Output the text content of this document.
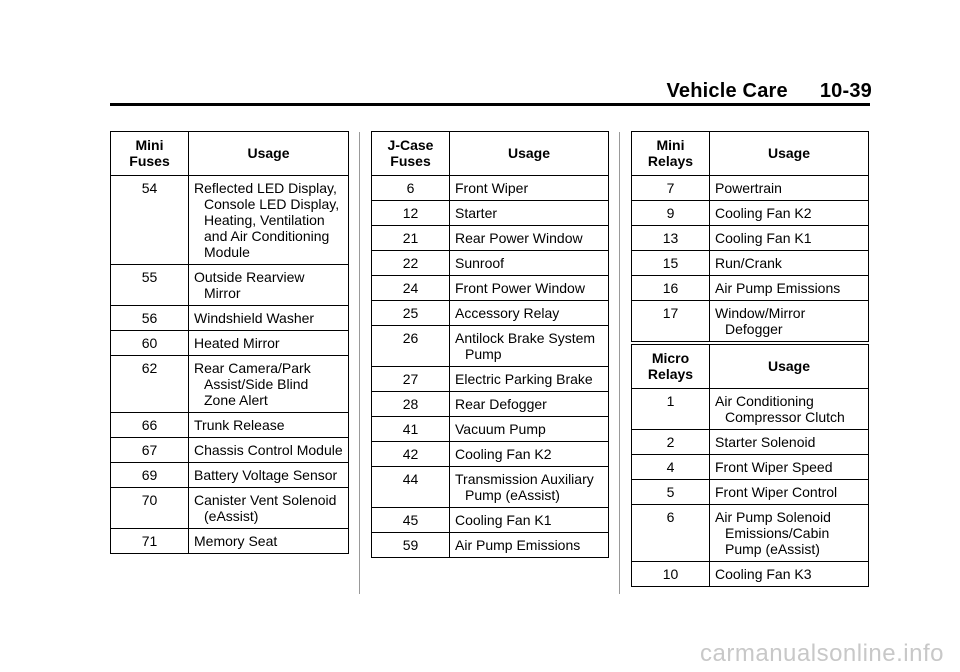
Vehicle Care 10-39
Mini
Fuses	Usage
54	Reflected LED Display, Console LED Display, Heating, Ventilation and Air Conditioning Module
55	Outside Rearview Mirror
56	Windshield Washer
60	Heated Mirror
62	Rear Camera/Park Assist/Side Blind Zone Alert
66	Trunk Release
67	Chassis Control Module
69	Battery Voltage Sensor
70	Canister Vent Solenoid (eAssist)
71	Memory Seat
J-Case
Fuses	Usage
6	Front Wiper
12	Starter
21	Rear Power Window
22	Sunroof
24	Front Power Window
25	Accessory Relay
26	Antilock Brake System Pump
27	Electric Parking Brake
28	Rear Defogger
41	Vacuum Pump
42	Cooling Fan K2
44	Transmission Auxiliary Pump (eAssist)
45	Cooling Fan K1
59	Air Pump Emissions
Mini
Relays	Usage
7	Powertrain
9	Cooling Fan K2
13	Cooling Fan K1
15	Run/Crank
16	Air Pump Emissions
17	Window/Mirror Defogger
Micro
Relays	Usage
1	Air Conditioning Compressor Clutch
2	Starter Solenoid
4	Front Wiper Speed
5	Front Wiper Control
6	Air Pump Solenoid Emissions/Cabin Pump (eAssist)
10	Cooling Fan K3
carmanualsonline.info
